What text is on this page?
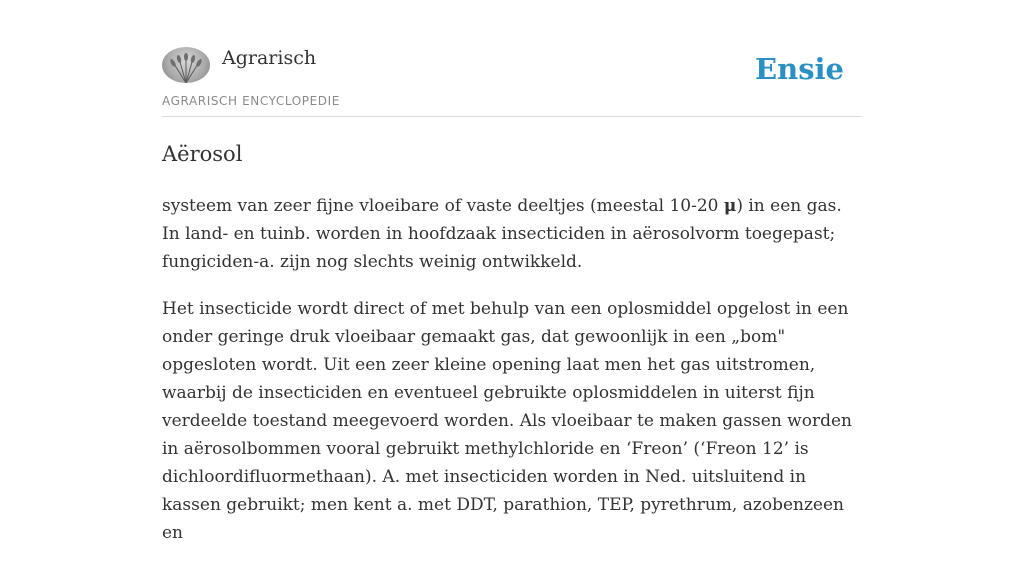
Agrarisch
AGRARISCH ENCYCLOPEDIE
Ensie
Aërosol

systeem van zeer fijne vloeibare of vaste deeltjes (meestal 10-20 μ) in een gas. In land- en tuinb. worden in hoofdzaak insecticiden in aërosolvorm toegepast; fungiciden-a. zijn nog slechts weinig ontwikkeld.

Het insecticide wordt direct of met behulp van een oplosmiddel opgelost in een onder geringe druk vloeibaar gemaakt gas, dat gewoonlijk in een „bom" opgesloten wordt. Uit een zeer kleine opening laat men het gas uitstromen, waarbij de insecticiden en eventueel gebruikte oplosmiddelen in uiterst fijn verdeelde toestand meegevoerd worden. Als vloeibaar te maken gassen worden in aërosolbommen vooral gebruikt methylchloride en ‘Freon’ (‘Freon 12’ is dichloordifluormethaan). A. met insecticiden worden in Ned. uitsluitend in kassen gebruikt; men kent a. met DDT, parathion, TEP, pyrethrum, azobenzeen en
